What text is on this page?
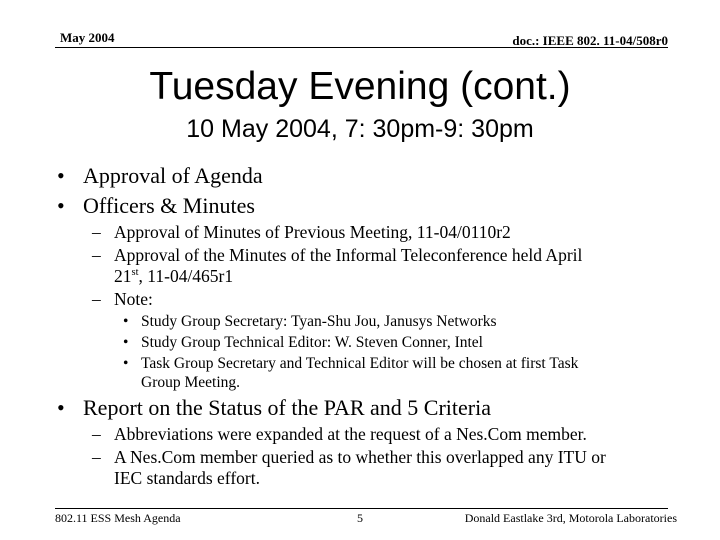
May 2004	doc.: IEEE 802. 11-04/508r0
Tuesday Evening (cont.)
10 May 2004, 7: 30pm-9: 30pm
• Approval of Agenda
• Officers & Minutes
– Approval of Minutes of Previous Meeting, 11-04/0110r2
– Approval of the Minutes of the Informal Teleconference held April
21st, 11-04/465r1
– Note:
• Study Group Secretary: Tyan-Shu Jou, Janusys Networks
• Study Group Technical Editor: W. Steven Conner, Intel
• Task Group Secretary and Technical Editor will be chosen at first Task
Group Meeting.
• Report on the Status of the PAR and 5 Criteria
– Abbreviations were expanded at the request of a Nes.Com member.
– A Nes.Com member queried as to whether this overlapped any ITU or
IEC standards effort.
802.11 ESS Mesh Agenda	5	Donald Eastlake 3rd, Motorola Laboratories
